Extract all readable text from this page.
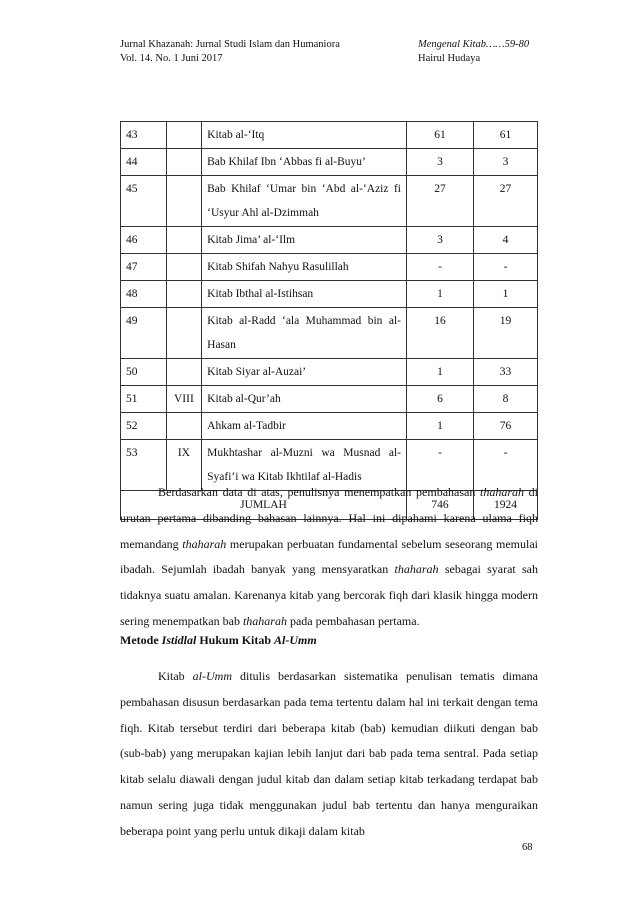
Jurnal Khazanah: Jurnal Studi Islam dan Humaniora
Vol. 14. No. 1 Juni 2017
Mengenal Kitab……59-80
Hairul Hudaya
43		Kitab al-‘Itq	61	61
44		Bab Khilaf Ibn ‘Abbas fi al-Buyu’	3	3
45		Bab Khilaf ‘Umar bin ‘Abd al-‘Aziz fi ‘Usyur Ahl al-Dzimmah	27	27
46		Kitab Jima’ al-‘Ilm	3	4
47		Kitab Shifah Nahyu Rasulillah	-	-
48		Kitab Ibthal al-Istihsan	1	1
49		Kitab al-Radd ‘ala Muhammad bin al-Hasan	16	19
50		Kitab Siyar al-Auzai’	1	33
51	VIII	Kitab al-Qur’ah	6	8
52		Ahkam al-Tadbir	1	76
53	IX	Mukhtashar al-Muzni wa Musnad al-Syafi’i wa Kitab Ikhtilaf al-Hadis	-	-
JUMLAH			746	1924

Berdasarkan data di atas, penulisnya menempatkan pembahasan thaharah di urutan pertama dibanding bahasan lainnya. Hal ini dipahami karena ulama fiqh memandang thaharah merupakan perbuatan fundamental sebelum seseorang memulai ibadah. Sejumlah ibadah banyak yang mensyaratkan thaharah sebagai syarat sah tidaknya suatu amalan. Karenanya kitab yang bercorak fiqh dari klasik hingga modern sering menempatkan bab thaharah pada pembahasan pertama.

Metode Istidlal Hukum Kitab Al-Umm

Kitab al-Umm ditulis berdasarkan sistematika penulisan tematis dimana pembahasan disusun berdasarkan pada tema tertentu dalam hal ini terkait dengan tema fiqh. Kitab tersebut terdiri dari beberapa kitab (bab) kemudian diikuti dengan bab (sub-bab) yang merupakan kajian lebih lanjut dari bab pada tema sentral. Pada setiap kitab selalu diawali dengan judul kitab dan dalam setiap kitab terkadang terdapat bab namun sering juga tidak menggunakan judul bab tertentu dan hanya menguraikan beberapa point yang perlu untuk dikaji dalam kitab

68
